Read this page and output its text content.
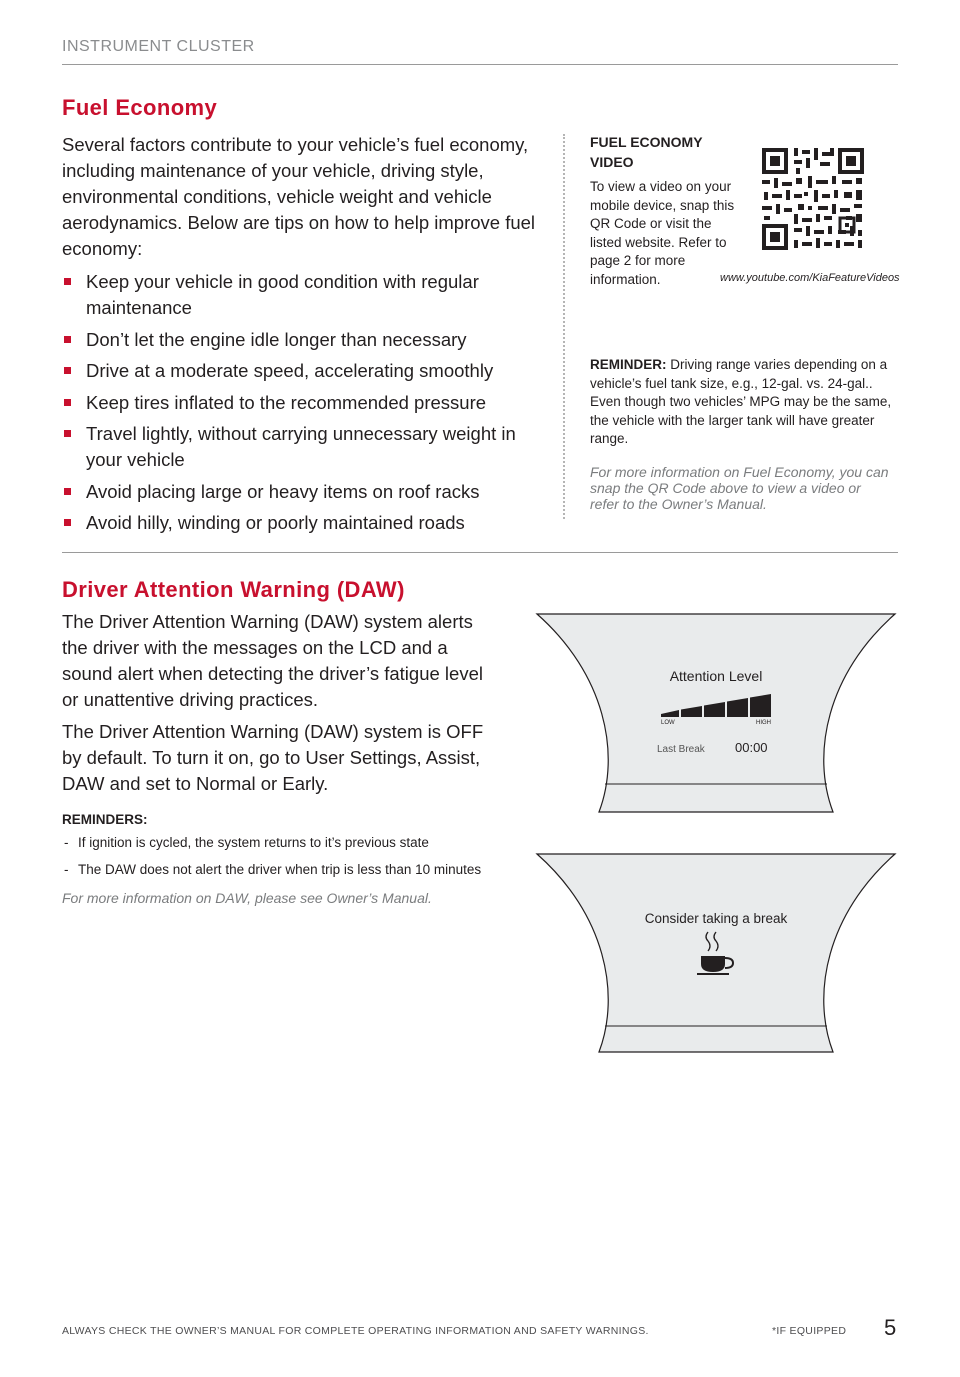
INSTRUMENT CLUSTER
Fuel Economy
Several factors contribute to your vehicle’s fuel economy, including maintenance of your vehicle, driving style, environmental conditions, vehicle weight and vehicle aerodynamics. Below are tips on how to help improve fuel economy:
Keep your vehicle in good condition with regular maintenance
Don’t let the engine idle longer than necessary
Drive at a moderate speed, accelerating smoothly
Keep tires inflated to the recommended pressure
Travel lightly, without carrying unnecessary weight in your vehicle
Avoid placing large or heavy items on roof racks
Avoid hilly, winding or poorly maintained roads
FUEL ECONOMY VIDEO
To view a video on your mobile device, snap this QR Code or visit the listed website. Refer to page 2 for more information.	www.youtube.com/KiaFeatureVideos
REMINDER: Driving range varies depending on a vehicle’s fuel tank size, e.g., 12-gal. vs. 24-gal.. Even though two vehicles’ MPG may be the same, the vehicle with the larger tank will have greater range.
For more information on Fuel Economy, you can snap the QR Code above to view a video or refer to the Owner’s Manual.
Driver Attention Warning (DAW)
The Driver Attention Warning (DAW) system alerts the driver with the messages on the LCD and a sound alert when detecting the driver’s fatigue level or unattentive driving practices.
The Driver Attention Warning (DAW) system is OFF by default. To turn it on, go to User Settings, Assist, DAW and set to Normal or Early.
REMINDERS:
- If ignition is cycled, the system returns to it’s previous state
- The DAW does not alert the driver when trip is less than 10 minutes
For more information on DAW, please see Owner’s Manual.
Attention Level
LOW	HIGH
Last Break 00:00
Consider taking a break
ALWAYS CHECK THE OWNER’S MANUAL FOR COMPLETE OPERATING INFORMATION AND SAFETY WARNINGS.	*IF EQUIPPED 5
